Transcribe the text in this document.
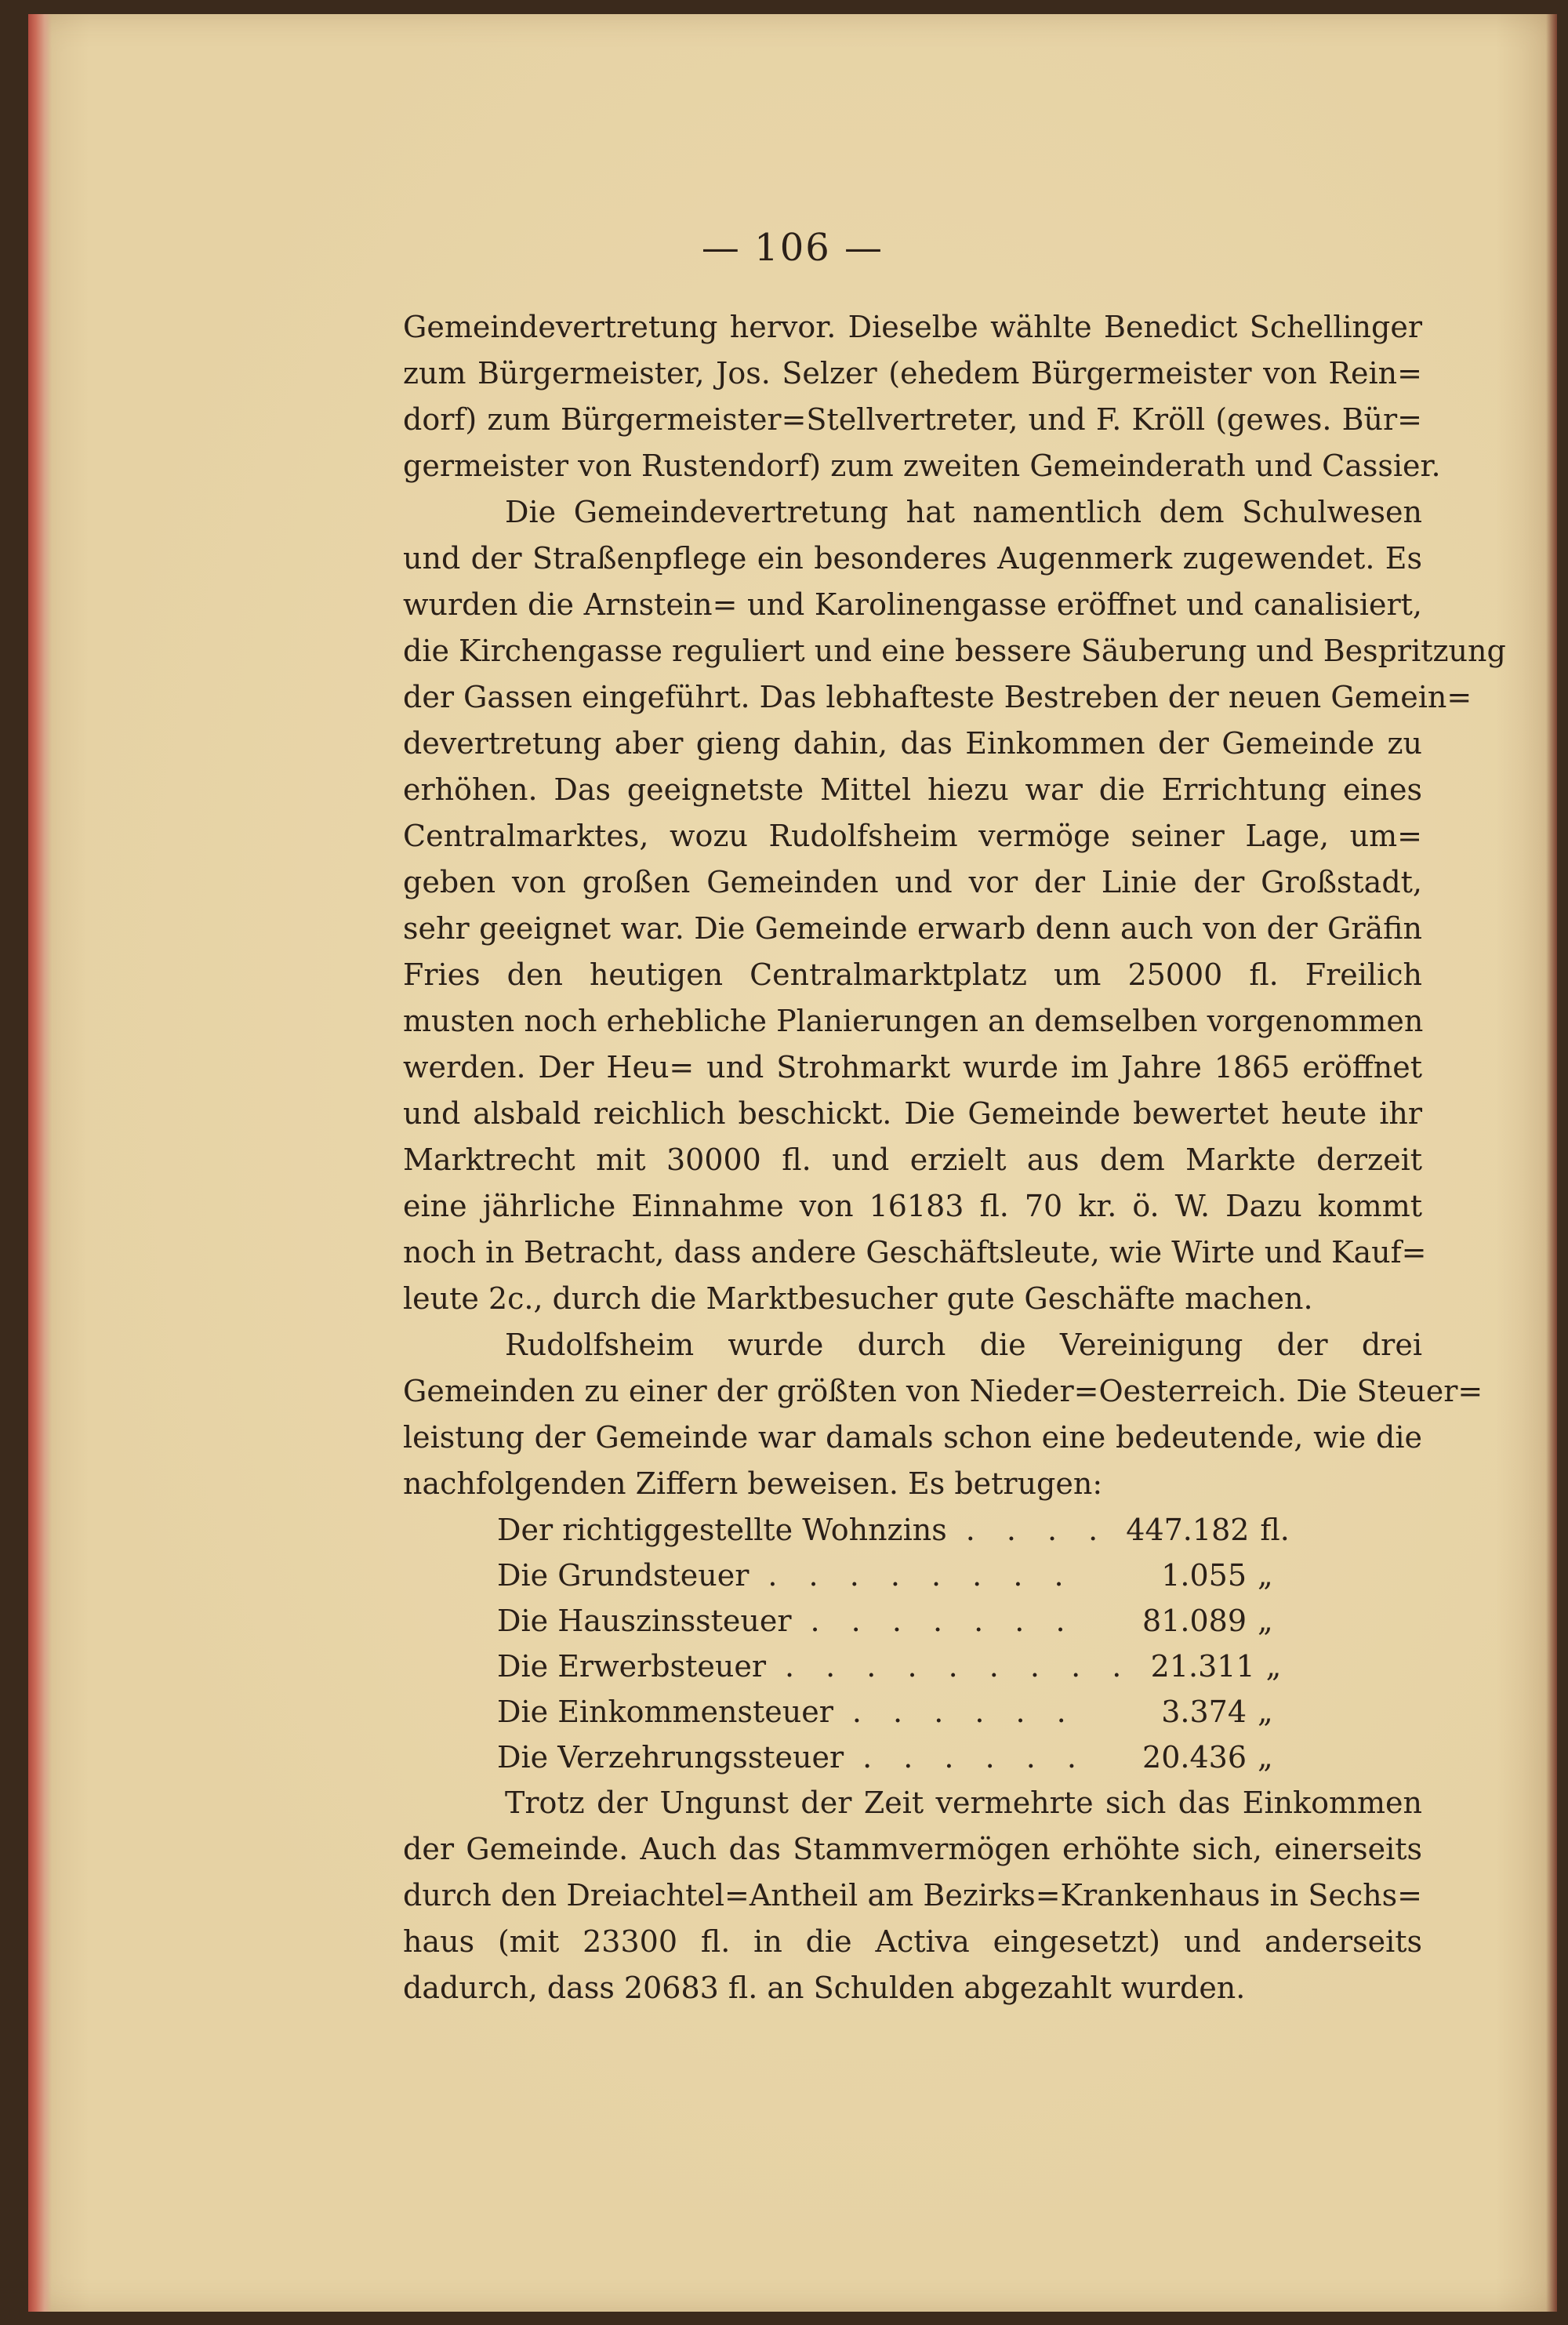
— 106 —
Gemeindevertretung hervor. Dieselbe wählte Benedict Schellinger
zum Bürgermeister, Jos. Selzer (ehedem Bürgermeister von Rein=
dorf) zum Bürgermeister=Stellvertreter, und F. Kröll (gewes. Bür=
germeister von Rustendorf) zum zweiten Gemeinderath und Cassier.
Die Gemeindevertretung hat namentlich dem Schulwesen
und der Straßenpflege ein besonderes Augenmerk zugewendet. Es
wurden die Arnstein= und Karolinengasse eröffnet und canalisiert,
die Kirchengasse reguliert und eine bessere Säuberung und Bespritzung
der Gassen eingeführt. Das lebhafteste Bestreben der neuen Gemein=
devertretung aber gieng dahin, das Einkommen der Gemeinde zu
erhöhen. Das geeignetste Mittel hiezu war die Errichtung eines
Centralmarktes, wozu Rudolfsheim vermöge seiner Lage, um=
geben von großen Gemeinden und vor der Linie der Großstadt,
sehr geeignet war. Die Gemeinde erwarb denn auch von der Gräfin
Fries den heutigen Centralmarktplatz um 25000 fl. Freilich
musten noch erhebliche Planierungen an demselben vorgenommen
werden. Der Heu= und Strohmarkt wurde im Jahre 1865 eröffnet
und alsbald reichlich beschickt. Die Gemeinde bewertet heute ihr
Marktrecht mit 30000 fl. und erzielt aus dem Markte derzeit
eine jährliche Einnahme von 16183 fl. 70 kr. ö. W. Dazu kommt
noch in Betracht, dass andere Geschäftsleute, wie Wirte und Kauf=
leute 2c., durch die Marktbesucher gute Geschäfte machen.
Rudolfsheim wurde durch die Vereinigung der drei
Gemeinden zu einer der größten von Nieder=Oesterreich. Die Steuer=
leistung der Gemeinde war damals schon eine bedeutende, wie die
nachfolgenden Ziffern beweisen. Es betrugen:
Der richtiggestellte Wohnzins . . . . 447.182 fl.
Die Grundsteuer . . . . . . . .	1.055 „
Die Hauszinssteuer . . . . . . .	81.089 „
Die Erwerbsteuer . . . . . . . . . 21.311 „
Die Einkommensteuer . . . . . .	3.374 „
Die Verzehrungssteuer . . . . . .	20.436 „
Trotz der Ungunst der Zeit vermehrte sich das Einkommen
der Gemeinde. Auch das Stammvermögen erhöhte sich, einerseits
durch den Dreiachtel=Antheil am Bezirks=Krankenhaus in Sechs=
haus (mit 23300 fl. in die Activa eingesetzt) und anderseits
dadurch, dass 20683 fl. an Schulden abgezahlt wurden.
